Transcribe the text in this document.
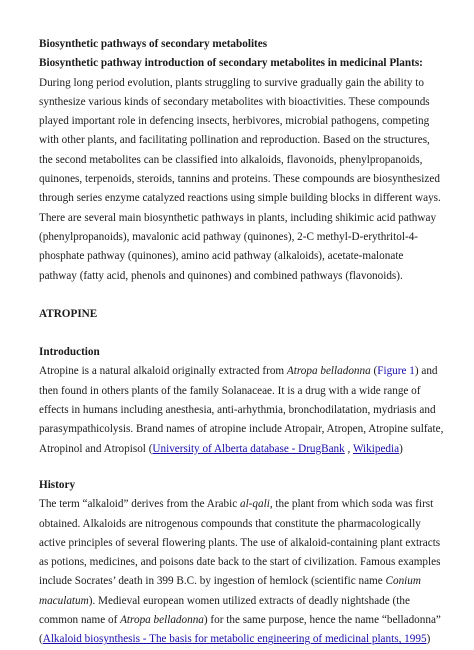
Biosynthetic pathways of secondary metabolites

Biosynthetic pathway introduction of secondary metabolites in medicinal Plants: During long period evolution, plants struggling to survive gradually gain the ability to synthesize various kinds of secondary metabolites with bioactivities. These compounds played important role in defencing insects, herbivores, microbial pathogens, competing with other plants, and facilitating pollination and reproduction. Based on the structures, the second metabolites can be classified into alkaloids, flavonoids, phenylpropanoids, quinones, terpenoids, steroids, tannins and proteins. These compounds are biosynthesized through series enzyme catalyzed reactions using simple building blocks in different ways. There are several main biosynthetic pathways in plants, including shikimic acid pathway (phenylpropanoids), mavalonic acid pathway (quinones), 2-C methyl-D-erythritol-4-phosphate pathway (quinones), amino acid pathway (alkaloids), acetate-malonate pathway (fatty acid, phenols and quinones) and combined pathways (flavonoids).

ATROPINE

Introduction

Atropine is a natural alkaloid originally extracted from Atropa belladonna (Figure 1) and then found in others plants of the family Solanaceae. It is a drug with a wide range of effects in humans including anesthesia, anti-arhythmia, bronchodilatation, mydriasis and parasympathicolysis. Brand names of atropine include Atropair, Atropen, Atropine sulfate, Atropinol and Atropisol (University of Alberta database - DrugBank , Wikipedia)

History

The term “alkaloid” derives from the Arabic al-qali, the plant from which soda was first obtained. Alkaloids are nitrogenous compounds that constitute the pharmacologically active principles of several flowering plants. The use of alkaloid-containing plant extracts as potions, medicines, and poisons date back to the start of civilization. Famous examples include Socrates’ death in 399 B.C. by ingestion of hemlock (scientific name Conium maculatum). Medieval european women utilized extracts of deadly nightshade (the common name of Atropa belladonna) for the same purpose, hence the name “belladonna” (Alkaloid biosynthesis - The basis for metabolic engineering of medicinal plants, 1995)
